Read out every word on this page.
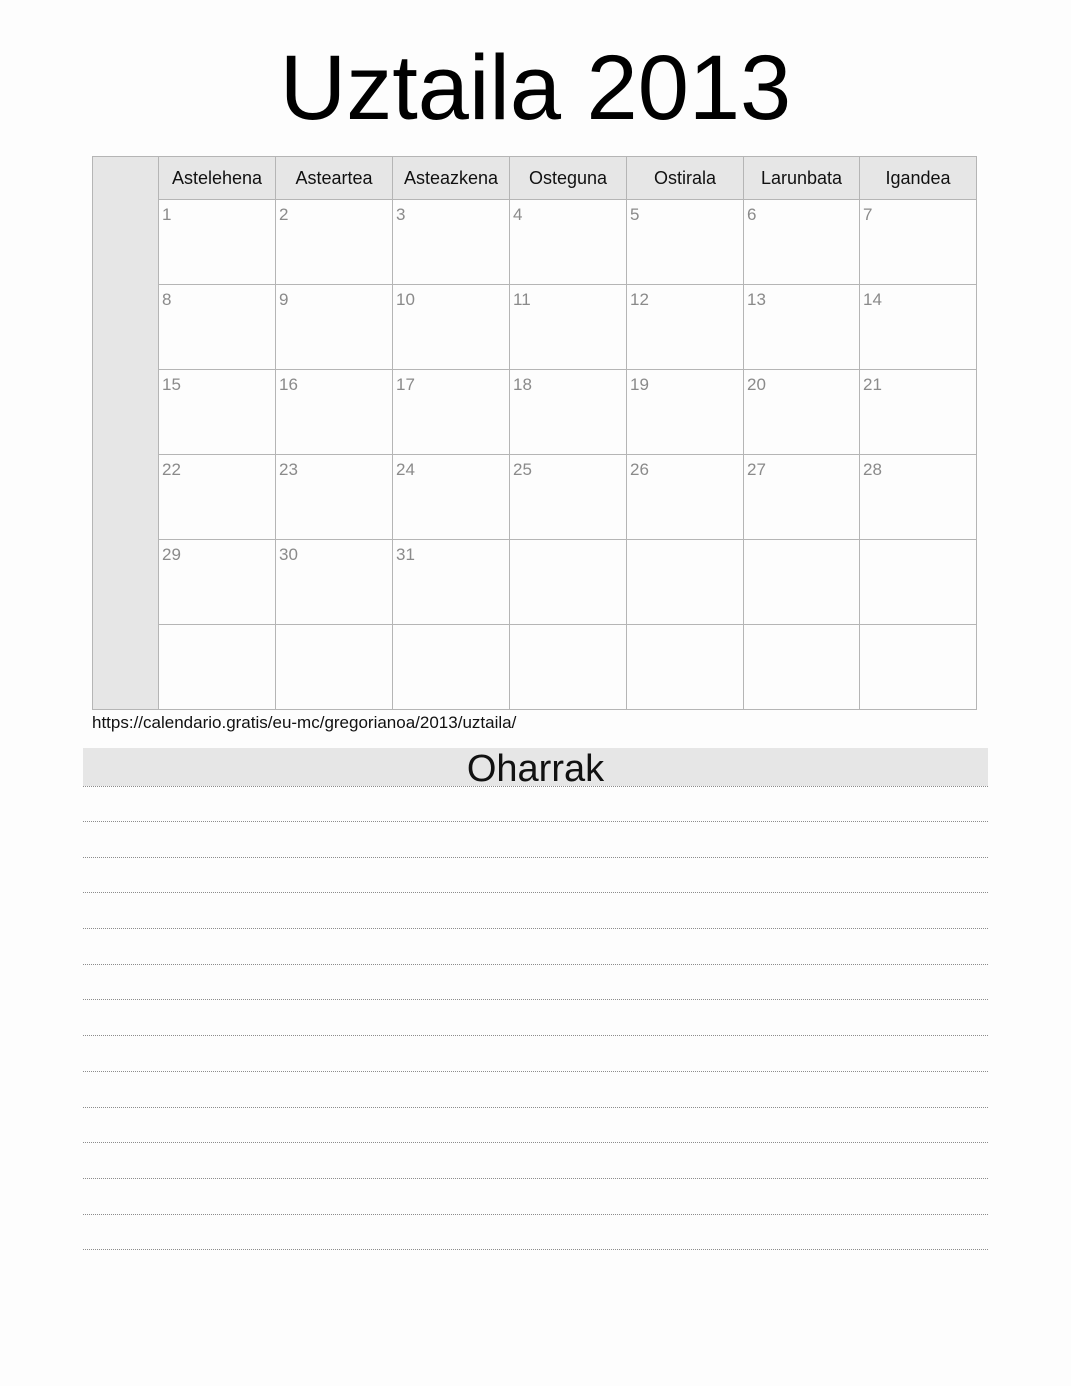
Uztaila 2013
Astelehena	Asteartea	Asteazkena	Osteguna	Ostirala	Larunbata	Igandea
1	2	3	4	5	6	7
8	9	10	11	12	13	14
15	16	17	18	19	20	21
22	23	24	25	26	27	28
29	30	31
https://calendario.gratis/eu-mc/gregorianoa/2013/uztaila/
Oharrak
